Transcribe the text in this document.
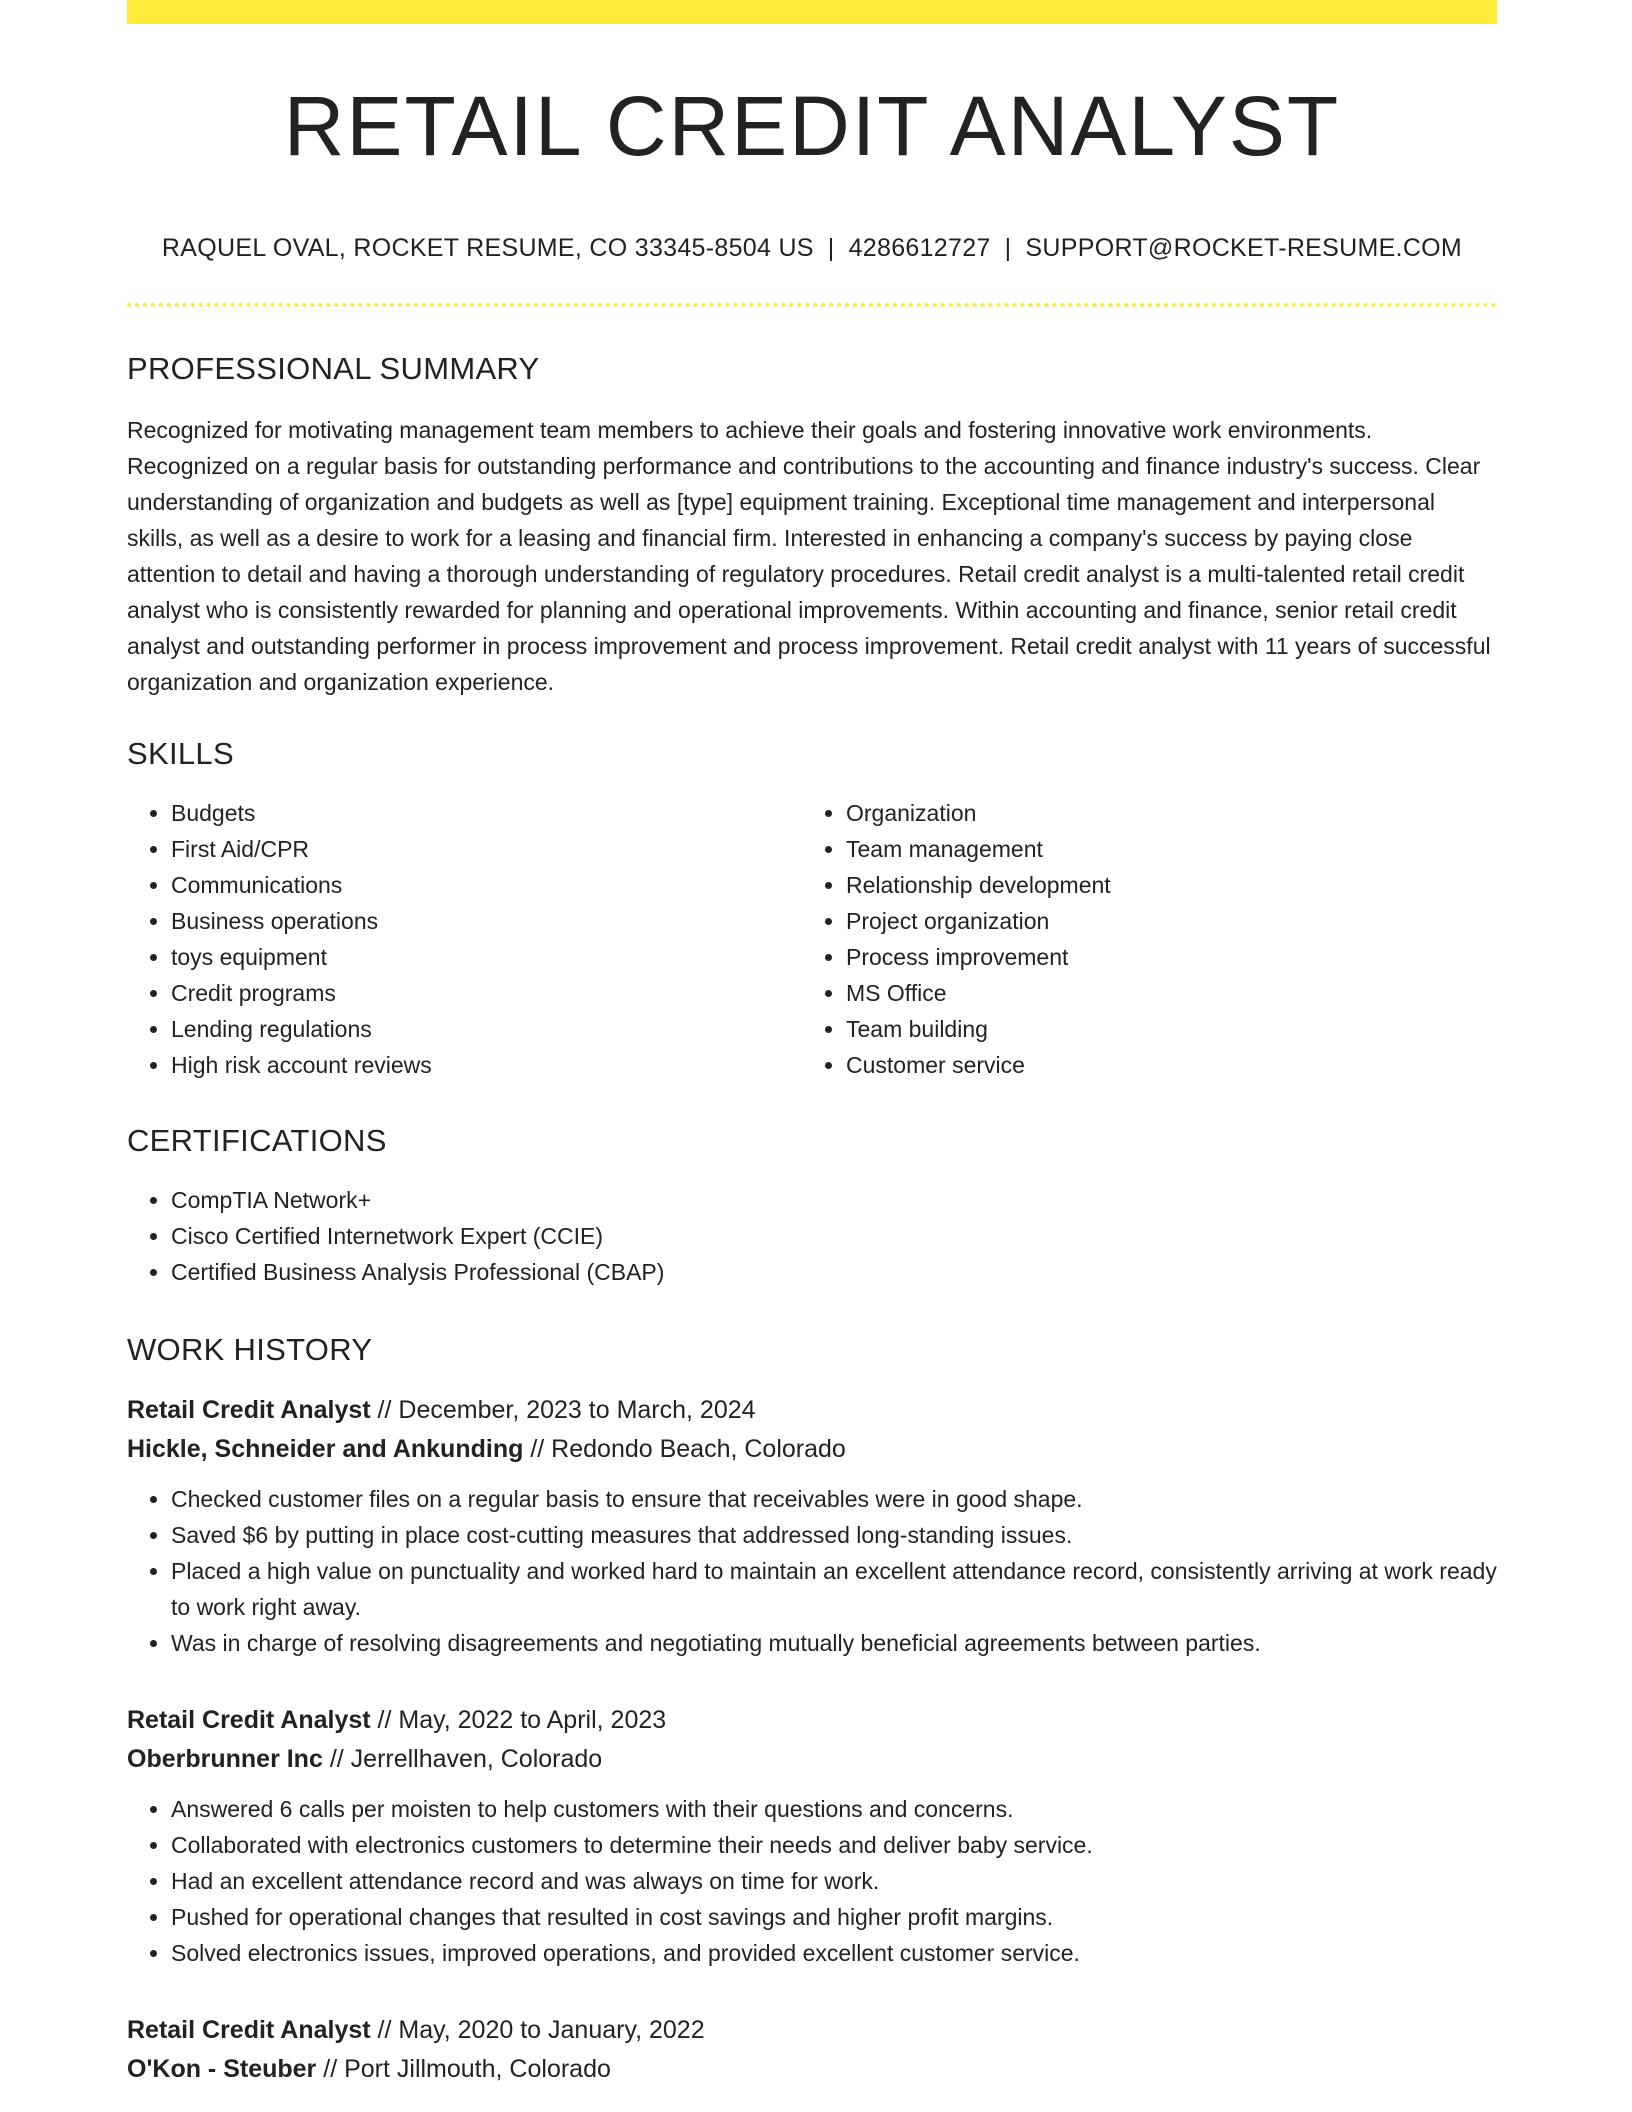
RETAIL CREDIT ANALYST
RAQUEL OVAL, ROCKET RESUME, CO 33345-8504 US | 4286612727 | SUPPORT@ROCKET-RESUME.COM
PROFESSIONAL SUMMARY

Recognized for motivating management team members to achieve their goals and fostering innovative work environments. Recognized on a regular basis for outstanding performance and contributions to the accounting and finance industry's success. Clear understanding of organization and budgets as well as [type] equipment training. Exceptional time management and interpersonal skills, as well as a desire to work for a leasing and financial firm. Interested in enhancing a company's success by paying close attention to detail and having a thorough understanding of regulatory procedures. Retail credit analyst is a multi-talented retail credit analyst who is consistently rewarded for planning and operational improvements. Within accounting and finance, senior retail credit analyst and outstanding performer in process improvement and process improvement. Retail credit analyst with 11 years of successful organization and organization experience.

SKILLS
• Budgets
• First Aid/CPR
• Communications
• Business operations
• toys equipment
• Credit programs
• Lending regulations
• High risk account reviews
• Organization
• Team management
• Relationship development
• Project organization
• Process improvement
• MS Office
• Team building
• Customer service
CERTIFICATIONS
• CompTIA Network+
• Cisco Certified Internetwork Expert (CCIE)
• Certified Business Analysis Professional (CBAP)
WORK HISTORY
Retail Credit Analyst // December, 2023 to March, 2024
Hickle, Schneider and Ankunding // Redondo Beach, Colorado
• Checked customer files on a regular basis to ensure that receivables were in good shape.
• Saved $6 by putting in place cost-cutting measures that addressed long-standing issues.
• Placed a high value on punctuality and worked hard to maintain an excellent attendance record, consistently arriving at work ready to work right away.
• Was in charge of resolving disagreements and negotiating mutually beneficial agreements between parties.
Retail Credit Analyst // May, 2022 to April, 2023
Oberbrunner Inc // Jerrellhaven, Colorado
• Answered 6 calls per moisten to help customers with their questions and concerns.
• Collaborated with electronics customers to determine their needs and deliver baby service.
• Had an excellent attendance record and was always on time for work.
• Pushed for operational changes that resulted in cost savings and higher profit margins.
• Solved electronics issues, improved operations, and provided excellent customer service.
Retail Credit Analyst // May, 2020 to January, 2022
O'Kon - Steuber // Port Jillmouth, Colorado
